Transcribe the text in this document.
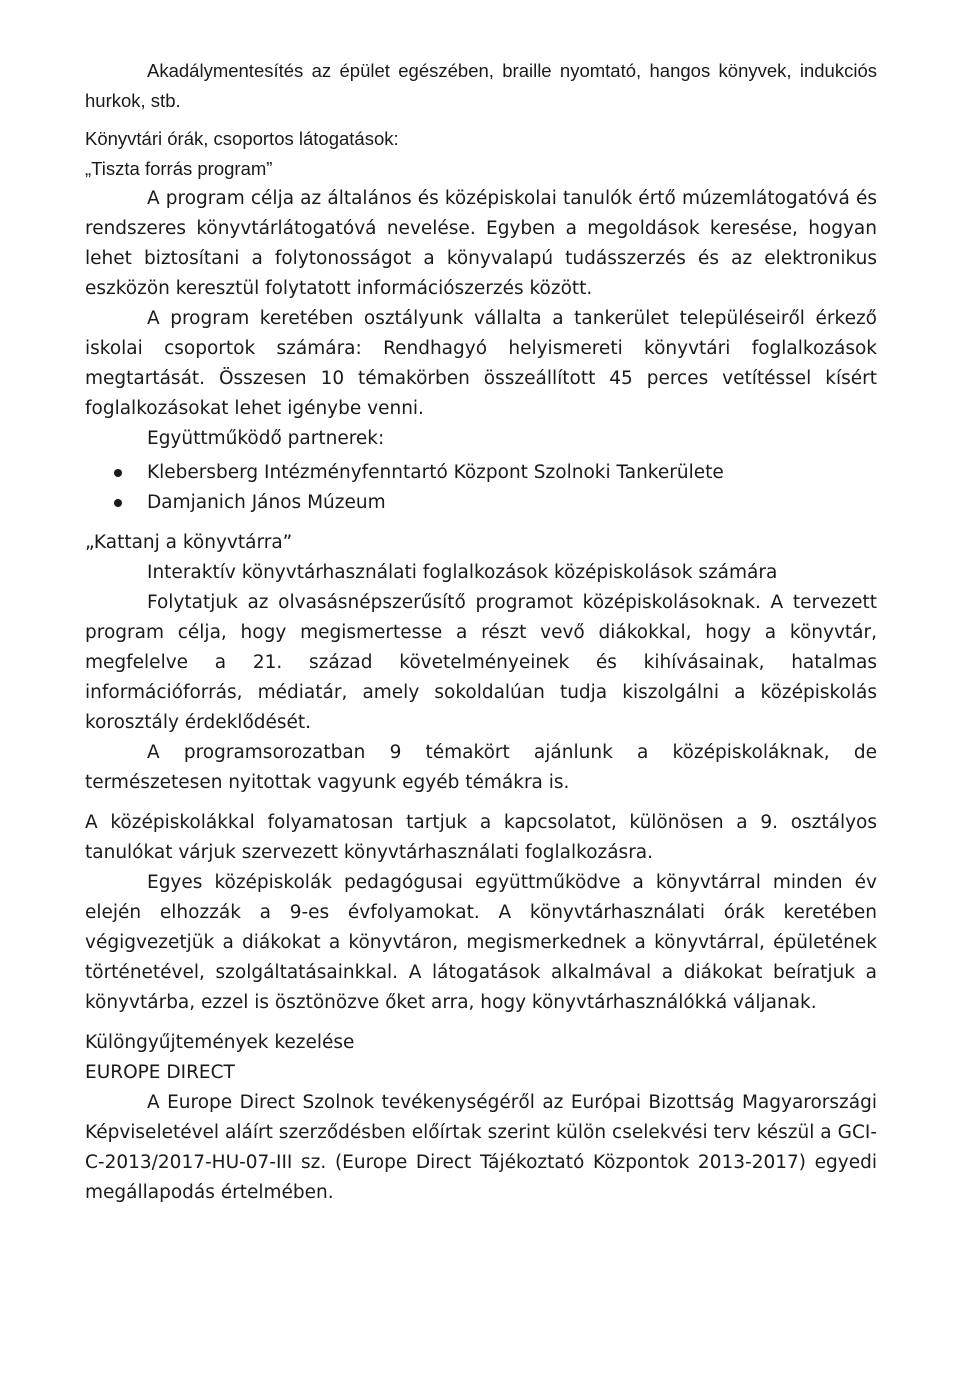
Akadálymentesítés az épület egészében, braille nyomtató, hangos könyvek, indukciós hurkok, stb.

Könyvtári órák, csoportos látogatások:

„Tiszta forrás program”

A program célja az általános és középiskolai tanulók értő múzemlátogatóvá és rendszeres könyvtárlátogatóvá nevelése. Egyben a megoldások keresése, hogyan lehet biztosítani a folytonosságot a könyvalapú tudásszerzés és az elektronikus eszközön keresztül folytatott információszerzés között.

A program keretében osztályunk vállalta a tankerület településeiről érkező iskolai csoportok számára: Rendhagyó helyismereti könyvtári foglalkozások megtartását. Összesen 10 témakörben összeállított 45 perces vetítéssel kísért foglalkozásokat lehet igénybe venni.

Együttműködő partnerek:

Klebersberg Intézményfenntartó Központ Szolnoki Tankerülete
Damjanich János Múzeum

„Kattanj a könyvtárra”

Interaktív könyvtárhasználati foglalkozások középiskolások számára

Folytatjuk az olvasásnépszerűsítő programot középiskolásoknak. A tervezett program célja, hogy megismertesse a részt vevő diákokkal, hogy a könyvtár, megfelelve a 21. század követelményeinek és kihívásainak, hatalmas információforrás, médiatár, amely sokoldalúan tudja kiszolgálni a középiskolás korosztály érdeklődését.

A programsorozatban 9 témakört ajánlunk a középiskoláknak, de természetesen nyitottak vagyunk egyéb témákra is.

A középiskolákkal folyamatosan tartjuk a kapcsolatot, különösen a 9. osztályos tanulókat várjuk szervezett könyvtárhasználati foglalkozásra.

Egyes középiskolák pedagógusai együttműködve a könyvtárral minden év elején elhozzák a 9-es évfolyamokat. A könyvtárhasználati órák keretében végigvezetjük a diákokat a könyvtáron, megismerkednek a könyvtárral, épületének történetével, szolgáltatásainkkal. A látogatások alkalmával a diákokat beíratjuk a könyvtárba, ezzel is ösztönözve őket arra, hogy könyvtárhasználókká váljanak.

Különgyűjtemények kezelése

EUROPE DIRECT

A Europe Direct Szolnok tevékenységéről az Európai Bizottság Magyarországi Képviseletével aláírt szerződésben előírtak szerint külön cselekvési terv készül a GCI-C-2013/2017-HU-07-III sz. (Europe Direct Tájékoztató Központok 2013-2017) egyedi megállapodás értelmében.
